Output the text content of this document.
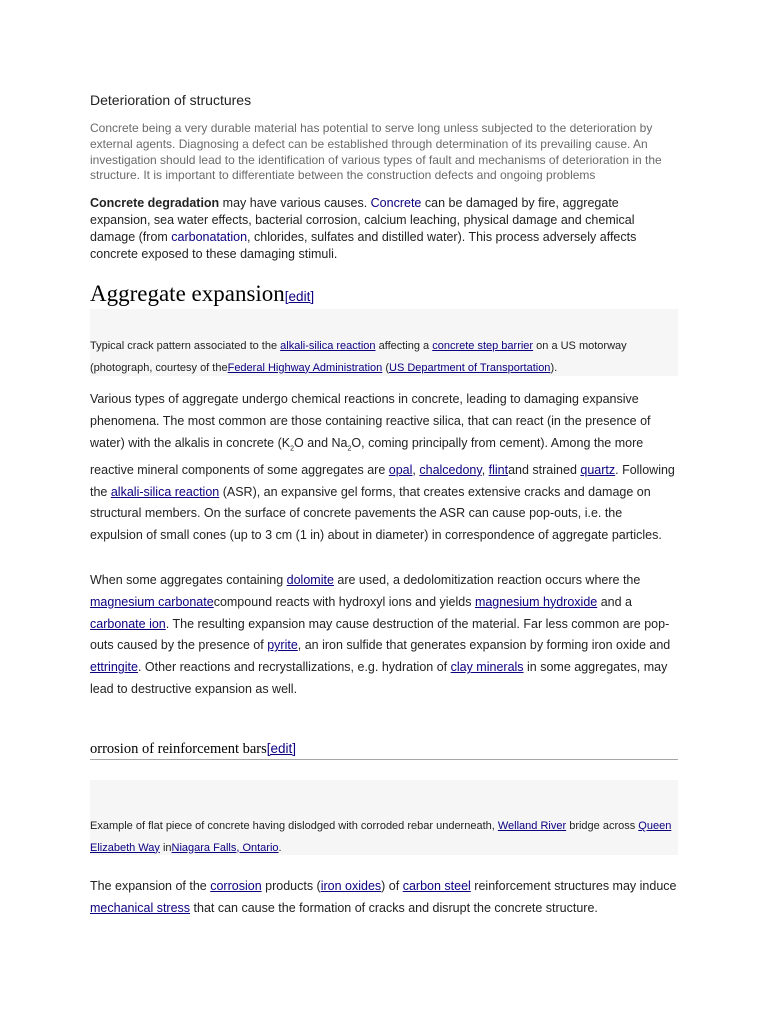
Deterioration of structures
Concrete being a very durable material has potential to serve long unless subjected to the deterioration by external agents. Diagnosing a defect can be established through determination of its prevailing cause. An investigation should lead to the identification of various types of fault and mechanisms of deterioration in the structure. It is important to differentiate between the construction defects and ongoing problems
Concrete degradation may have various causes. Concrete can be damaged by fire, aggregate expansion, sea water effects, bacterial corrosion, calcium leaching, physical damage and chemical damage (from carbonatation, chlorides, sulfates and distilled water). This process adversely affects concrete exposed to these damaging stimuli.
Aggregate expansion[edit]
Typical crack pattern associated to the alkali-silica reaction affecting a concrete step barrier on a US motorway (photograph, courtesy of theFederal Highway Administration (US Department of Transportation).
Various types of aggregate undergo chemical reactions in concrete, leading to damaging expansive phenomena. The most common are those containing reactive silica, that can react (in the presence of water) with the alkalis in concrete ($K_2O$ and $Na_2O$, coming principally from cement). Among the more reactive mineral components of some aggregates are opal, chalcedony, flintand strained quartz. Following the alkali-silica reaction (ASR), an expansive gel forms, that creates extensive cracks and damage on structural members. On the surface of concrete pavements the ASR can cause pop-outs, i.e. the expulsion of small cones (up to 3 cm (1 in) about in diameter) in correspondence of aggregate particles.
When some aggregates containing dolomite are used, a dedolomitization reaction occurs where the magnesium carbonatecompound reacts with hydroxyl ions and yields magnesium hydroxide and a carbonate ion. The resulting expansion may cause destruction of the material. Far less common are pop-outs caused by the presence of pyrite, an iron sulfide that generates expansion by forming iron oxide and ettringite. Other reactions and recrystallizations, e.g. hydration of clay minerals in some aggregates, may lead to destructive expansion as well.
orrosion of reinforcement bars[edit]
Example of flat piece of concrete having dislodged with corroded rebar underneath, Welland River bridge across Queen Elizabeth Way inNiagara Falls, Ontario.
The expansion of the corrosion products (iron oxides) of carbon steel reinforcement structures may induce mechanical stress that can cause the formation of cracks and disrupt the concrete structure.
